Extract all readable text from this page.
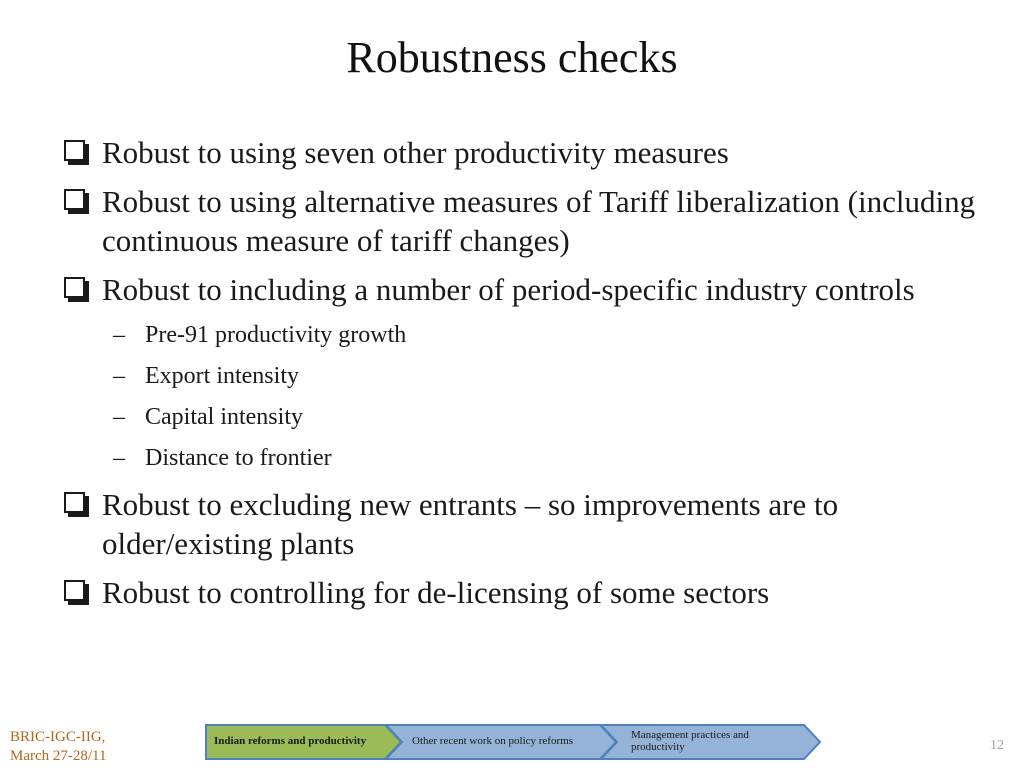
Robustness checks
Robust to using seven other productivity measures
Robust to using alternative measures of Tariff liberalization (including continuous measure of tariff changes)
Robust to including a number of period-specific industry controls
– Pre-91 productivity growth
– Export intensity
– Capital intensity
– Distance to frontier
Robust to excluding new entrants – so improvements are to older/existing plants
Robust to controlling for de-licensing of some sectors
BRIC-IGC-IIG,
March 27-28/11
Indian reforms and productivity	Other recent work on policy reforms	Management practices and productivity	12
